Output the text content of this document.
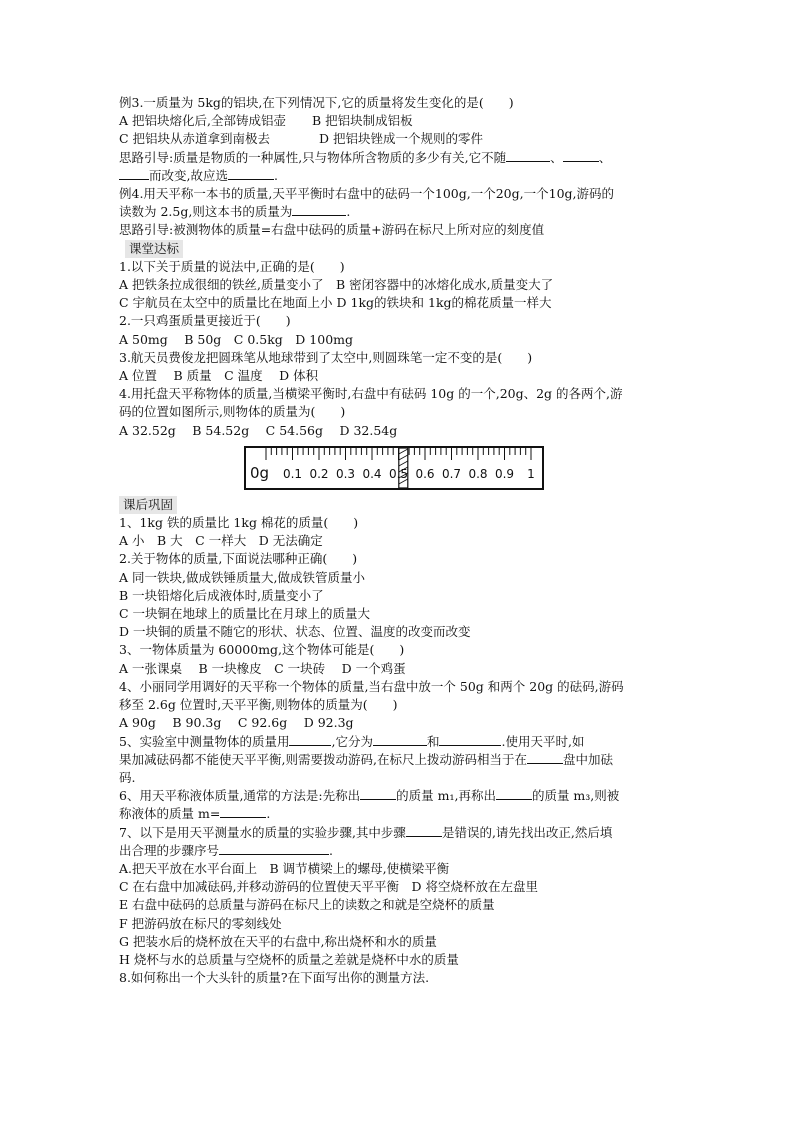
例3.一质量为 5kg的铝块,在下列情况下,它的质量将发生变化的是(　　)
A 把铝块熔化后,全部铸成铝壶 B 把铝块制成铝板
C 把铝块从赤道拿到南极去	D 把铝块锉成一个规则的零件
思路引导:质量是物质的一种属性,只与物体所含物质的多少有关,它不随	、	、
而改变,故应选	.
例4.用天平称一本书的质量,天平平衡时右盘中的砝码一个100g,一个20g,一个10g,游码的
读数为 2.5g,则这本书的质量为	.
思路引导:被测物体的质量=右盘中砝码的质量+游码在标尺上所对应的刻度值
课堂达标
1.以下关于质量的说法中,正确的是(　　)
A 把铁条拉成很细的铁丝,质量变小了　B 密闭容器中的冰熔化成水,质量变大了
C 宇航员在太空中的质量比在地面上小 D 1kg的铁块和 1kg的棉花质量一样大
2.一只鸡蛋质量更接近于(　　)
A 50mg　 B 50g　C 0.5kg　D 100mg
3.航天员费俊龙把圆珠笔从地球带到了太空中,则圆珠笔一定不变的是(　　)
A 位置　 B 质量　C 温度　 D 体积
4.用托盘天平称物体的质量,当横梁平衡时,右盘中有砝码 10g 的一个,20g、2g 的各两个,游
码的位置如图所示,则物体的质量为(　　)
A 32.52g　 B 54.52g　 C 54.56g　 D 32.54g
0g 0.1 0.2 0.3 0.4 0.5 0.6 0.7 0.8 0.9 1
课后巩固
1、1kg 铁的质量比 1kg 棉花的质量(　　)
A 小　B 大　C 一样大　D 无法确定
2.关于物体的质量,下面说法哪种正确(　　)
A 同一铁块,做成铁锤质量大,做成铁管质量小
B 一块铅熔化后成液体时,质量变小了
C 一块铜在地球上的质量比在月球上的质量大
D 一块铜的质量不随它的形状、状态、位置、温度的改变而改变
3、一物体质量为 60000mg,这个物体可能是(　　)
A 一张课桌　 B 一块橡皮　C 一块砖　 D 一个鸡蛋
4、小丽同学用调好的天平称一个物体的质量,当右盘中放一个 50g 和两个 20g 的砝码,游码
移至 2.6g 位置时,天平平衡,则物体的质量为(　　)
A 90g　 B 90.3g　 C 92.6g　 D 92.3g
5、实验室中测量物体的质量用	,它分为	和	.使用天平时,如
果加减砝码都不能使天平平衡,则需要拨动游码,在标尺上拨动游码相当于在	盘中加砝
码.
6、用天平称液体质量,通常的方法是:先称出	的质量 m₁,再称出	的质量 m₃,则被
称液体的质量 m=	.
7、以下是用天平测量水的质量的实验步骤,其中步骤	是错误的,请先找出改正,然后填
出合理的步骤序号	.
A.把天平放在水平台面上　B 调节横梁上的螺母,使横梁平衡
C 在右盘中加减砝码,并移动游码的位置使天平平衡　D 将空烧杯放在左盘里
E 右盘中砝码的总质量与游码在标尺上的读数之和就是空烧杯的质量
F 把游码放在标尺的零刻线处
G 把装水后的烧杯放在天平的右盘中,称出烧杯和水的质量
H 烧杯与水的总质量与空烧杯的质量之差就是烧杯中水的质量
8.如何称出一个大头针的质量?在下面写出你的测量方法.
